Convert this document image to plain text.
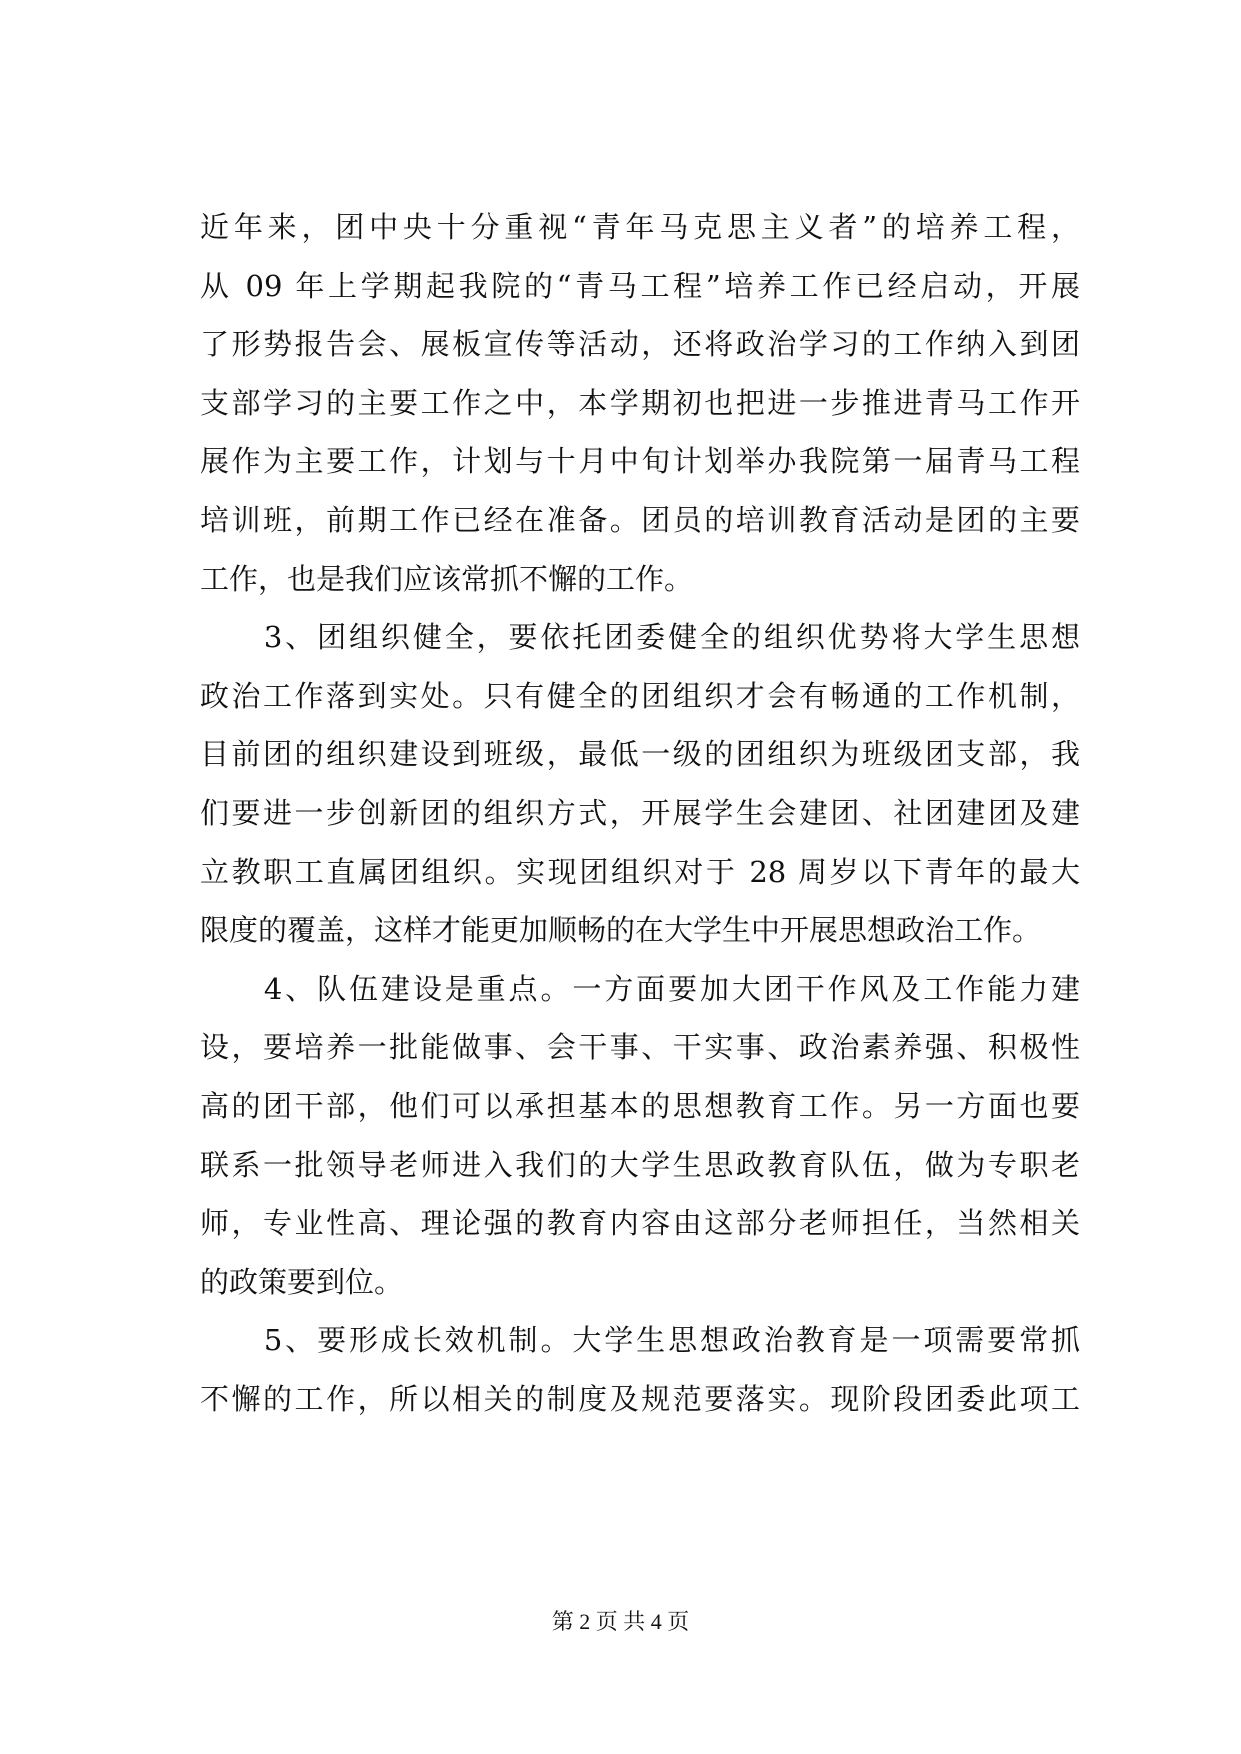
近年来，团中央十分重视“青年马克思主义者”的培养工程，
从 09 年上学期起我院的“青马工程”培养工作已经启动，开展
了形势报告会、展板宣传等活动，还将政治学习的工作纳入到团
支部学习的主要工作之中，本学期初也把进一步推进青马工作开
展作为主要工作，计划与十月中旬计划举办我院第一届青马工程
培训班，前期工作已经在准备。团员的培训教育活动是团的主要
工作，也是我们应该常抓不懈的工作。
　　3、团组织健全，要依托团委健全的组织优势将大学生思想
政治工作落到实处。只有健全的团组织才会有畅通的工作机制，
目前团的组织建设到班级，最低一级的团组织为班级团支部，我
们要进一步创新团的组织方式，开展学生会建团、社团建团及建
立教职工直属团组织。实现团组织对于 28 周岁以下青年的最大
限度的覆盖，这样才能更加顺畅的在大学生中开展思想政治工作。
　　4、队伍建设是重点。一方面要加大团干作风及工作能力建
设，要培养一批能做事、会干事、干实事、政治素养强、积极性
高的团干部，他们可以承担基本的思想教育工作。另一方面也要
联系一批领导老师进入我们的大学生思政教育队伍，做为专职老
师，专业性高、理论强的教育内容由这部分老师担任，当然相关
的政策要到位。
　　5、要形成长效机制。大学生思想政治教育是一项需要常抓
不懈的工作，所以相关的制度及规范要落实。现阶段团委此项工
第 2 页 共 4 页
